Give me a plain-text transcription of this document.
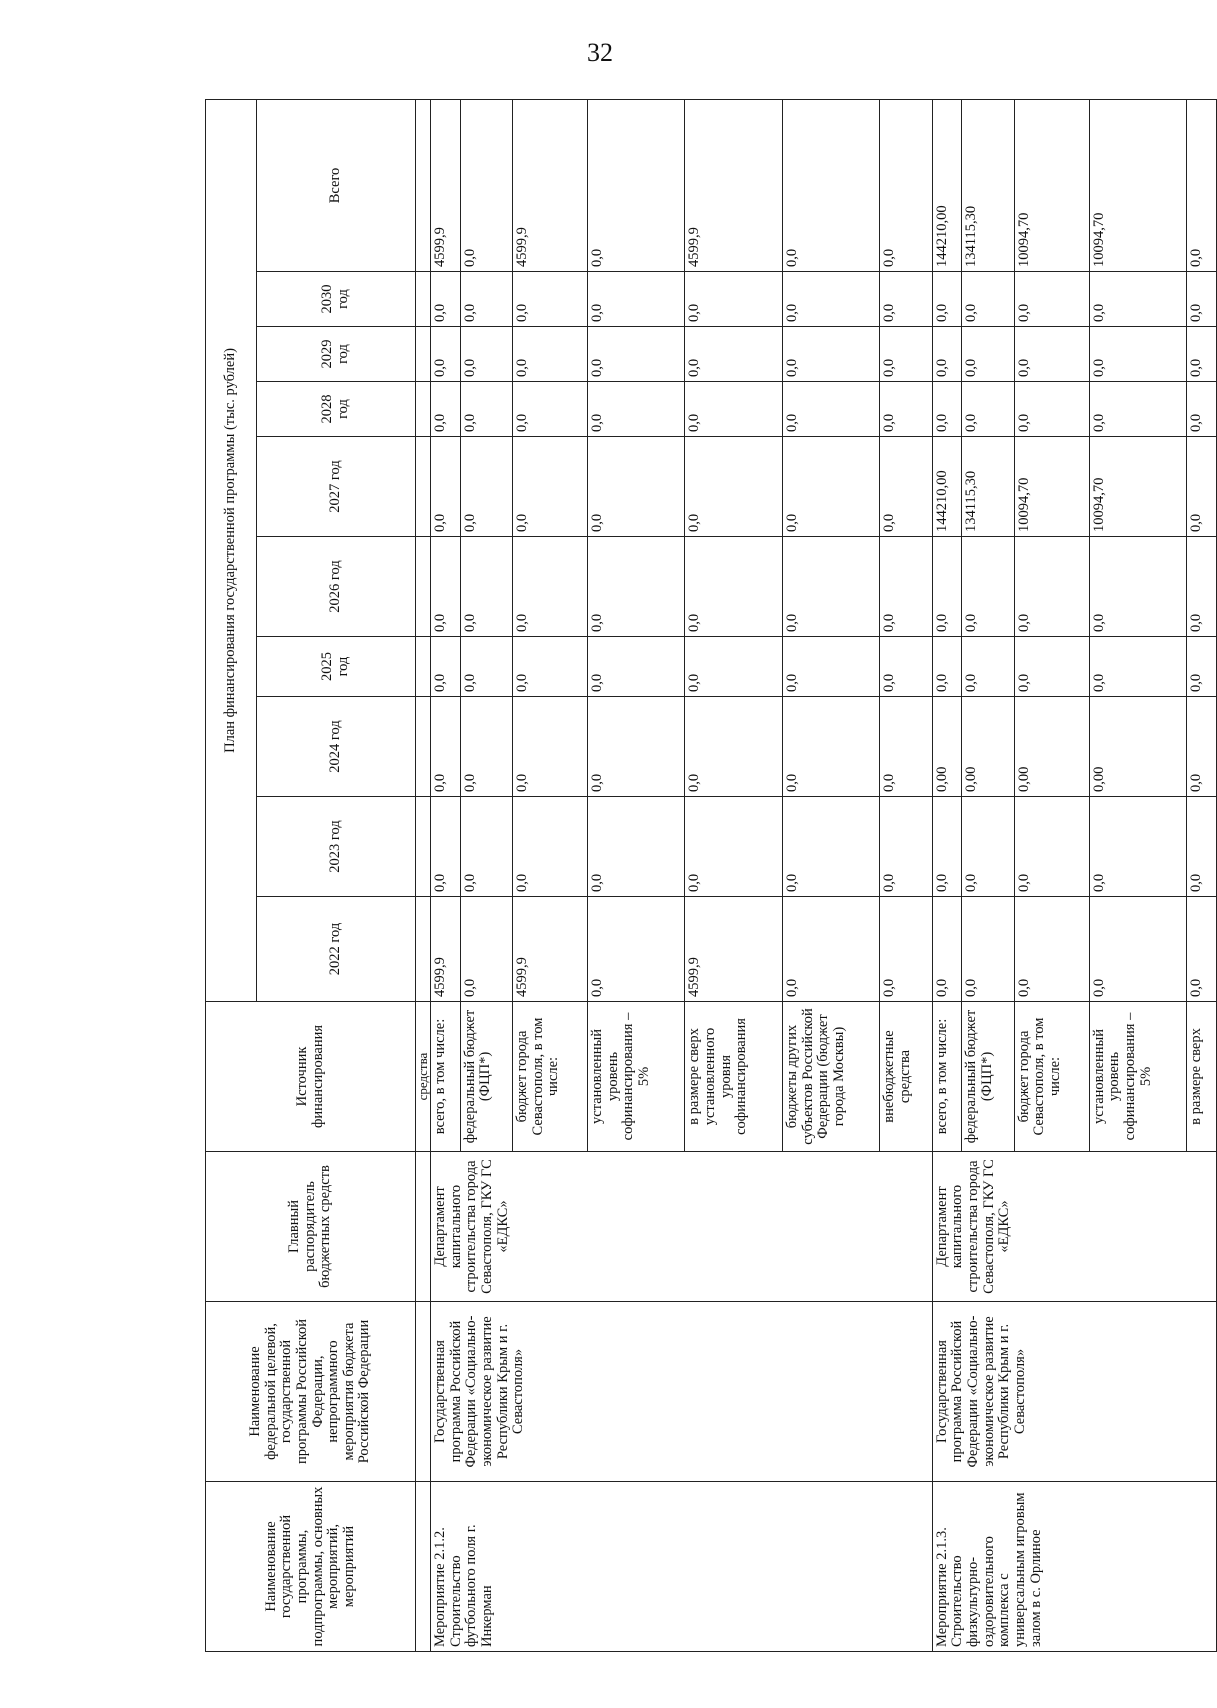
32
Наименование государственной программы, подпрограммы, основных мероприятий, мероприятий	Наименование федеральной целевой, государственной программы Российской Федерации, непрограммного мероприятия бюджета Российской Федерации	Главный распорядитель бюджетных средств	Источник финансирования	План финансирования государственной программы (тыс. рублей)									
				2022 год	2023 год	2024 год	2025 год	2026 год	2027 год	2028 год	2029 год	2030 год	Всего
			средства										
Мероприятие 2.1.2.
Строительство футбольного поля г. Инкерман	Государственная программа Российской Федерации «Социально-экономическое развитие Республики Крым и г. Севастополя»	Департамент капитального строительства города Севастополя, ГКУ ГС «ЕДКС»	всего, в том числе:	4599,9	0,0	0,0	0,0	0,0	0,0	0,0	0,0	0,0	4599,9
			федеральный бюджет (ФЦП*)	0,0	0,0	0,0	0,0	0,0	0,0	0,0	0,0	0,0	0,0
			бюджет города Севастополя, в том числе:	4599,9	0,0	0,0	0,0	0,0	0,0	0,0	0,0	0,0	4599,9
			установленный уровень софинансирования – 5%	0,0	0,0	0,0	0,0	0,0	0,0	0,0	0,0	0,0	0,0
			в размере сверх установленного уровня софинансирования	4599,9	0,0	0,0	0,0	0,0	0,0	0,0	0,0	0,0	4599,9
			бюджеты других субъектов Российской Федерации (бюджет города Москвы)	0,0	0,0	0,0	0,0	0,0	0,0	0,0	0,0	0,0	0,0
			внебюджетные средства	0,0	0,0	0,0	0,0	0,0	0,0	0,0	0,0	0,0	0,0
Мероприятие 2.1.3.
Строительство физкультурно-оздоровительного комплекса с универсальным игровым залом в с. Орлиное	Государственная программа Российской Федерации «Социально-экономическое развитие Республики Крым и г. Севастополя»	Департамент капитального строительства города Севастополя, ГКУ ГС «ЕДКС»	всего, в том числе:	0,0	0,0	0,00	0,0	0,0	144210,00	0,0	0,0	0,0	144210,00
			федеральный бюджет (ФЦП*)	0,0	0,0	0,00	0,0	0,0	134115,30	0,0	0,0	0,0	134115,30
			бюджет города Севастополя, в том числе:	0,0	0,0	0,00	0,0	0,0	10094,70	0,0	0,0	0,0	10094,70
			установленный уровень софинансирования – 5%	0,0	0,0	0,00	0,0	0,0	10094,70	0,0	0,0	0,0	10094,70
			в размере сверх	0,0	0,0	0,0	0,0	0,0	0,0	0,0	0,0	0,0	0,0
